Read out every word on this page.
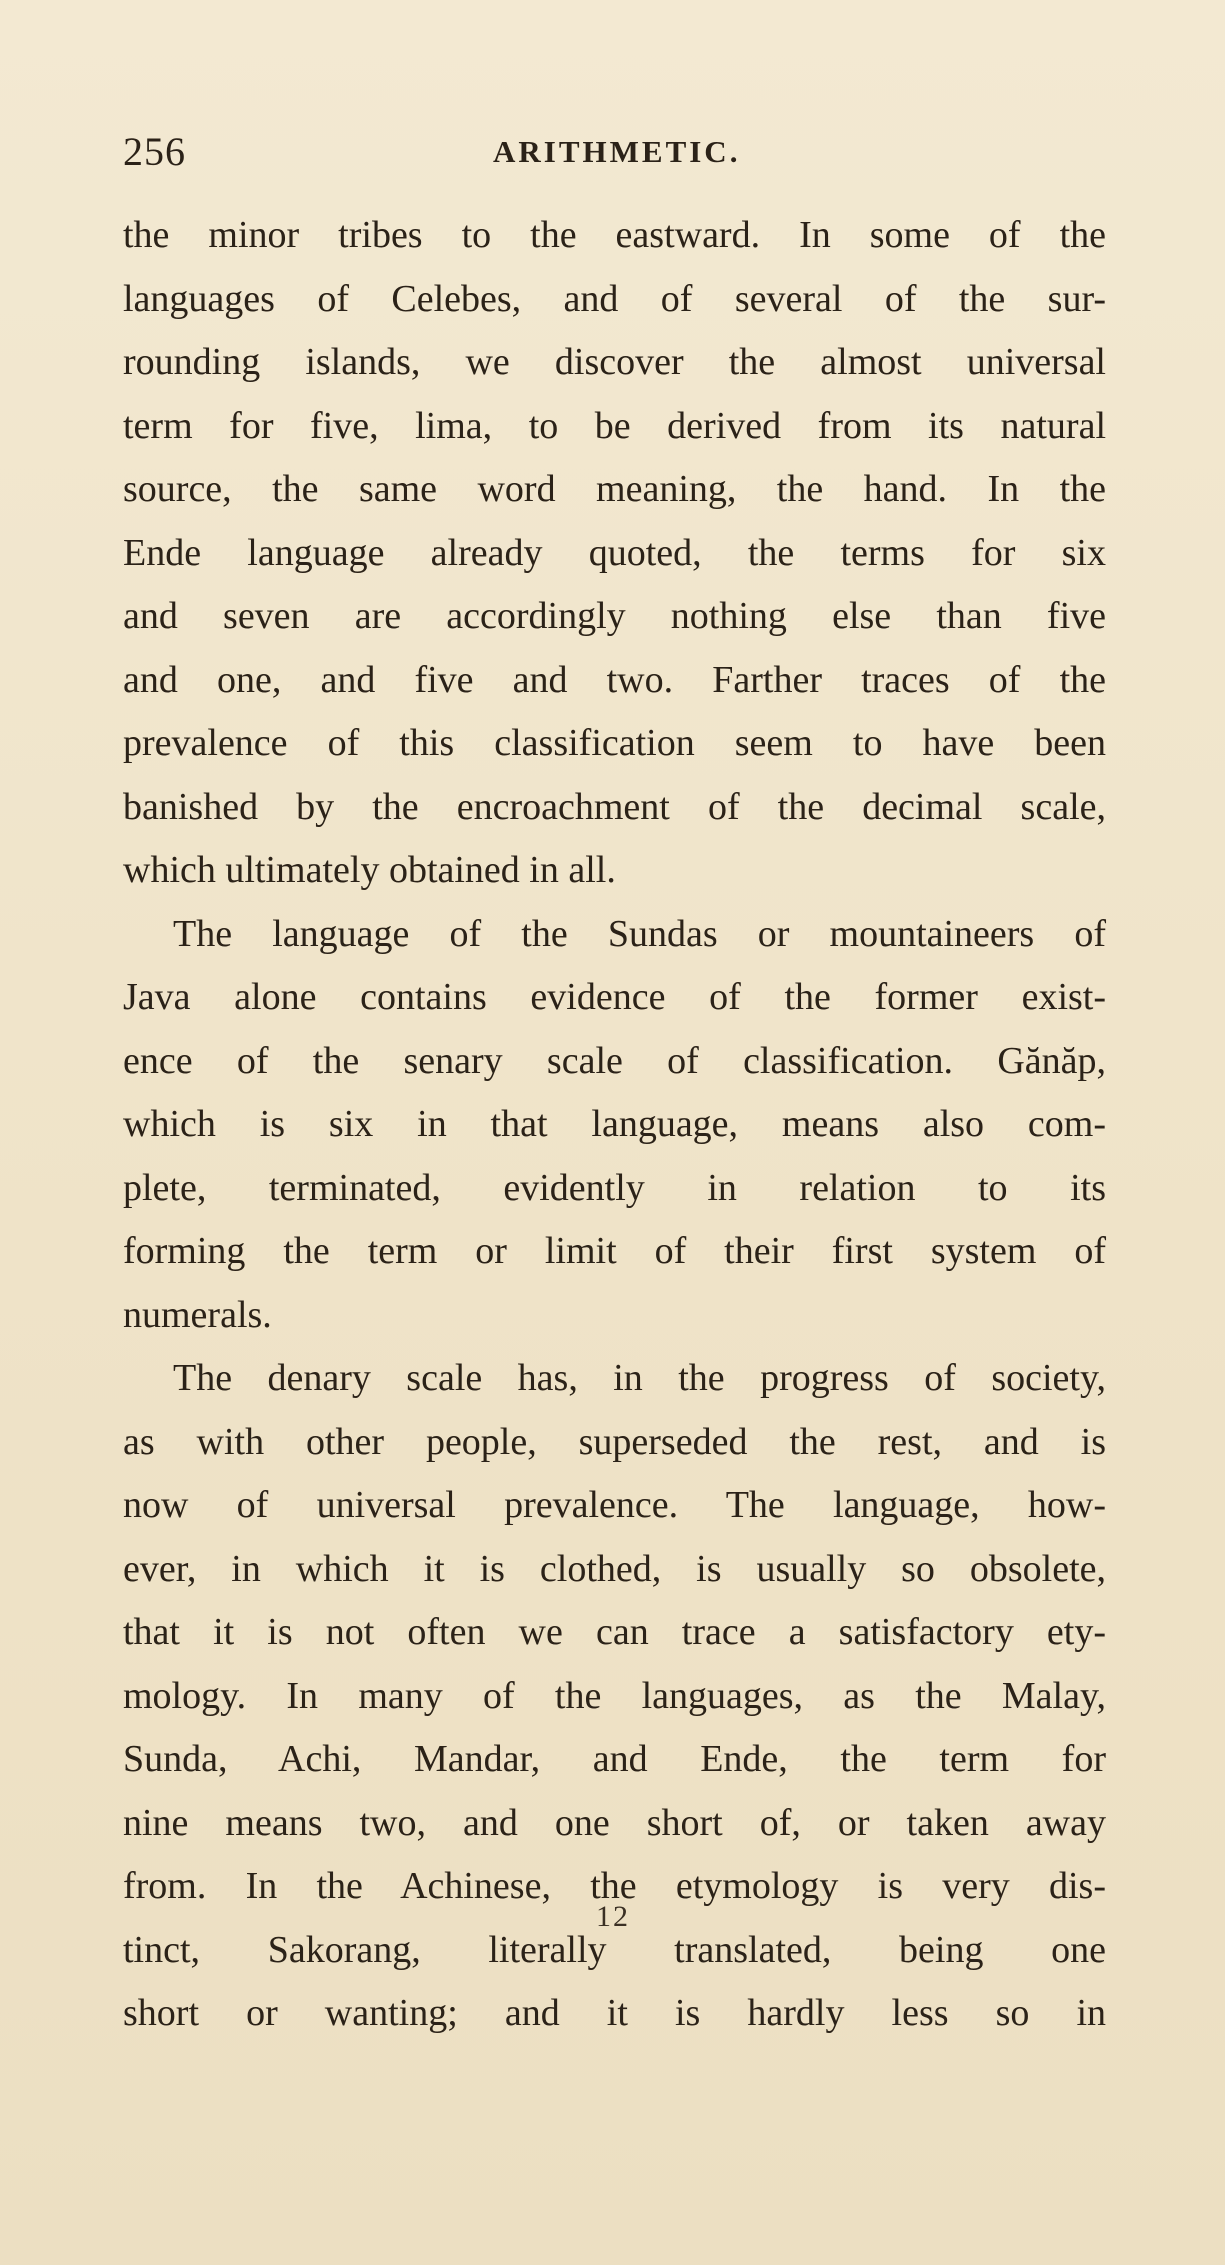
256	ARITHMETIC.
the minor tribes to the eastward. In some of the
languages of Celebes, and of several of the sur-
rounding islands, we discover the almost universal
term for five, lima, to be derived from its natural
source, the same word meaning, the hand. In the
Ende language already quoted, the terms for six
and seven are accordingly nothing else than five
and one, and five and two. Farther traces of the
prevalence of this classification seem to have been
banished by the encroachment of the decimal scale,
which ultimately obtained in all.
The language of the Sundas or mountaineers of
Java alone contains evidence of the former exist-
ence of the senary scale of classification. Gănăp,
which is six in that language, means also com-
plete, terminated, evidently in relation to its
forming the term or limit of their first system of
numerals.
The denary scale has, in the progress of society,
as with other people, superseded the rest, and is
now of universal prevalence. The language, how-
ever, in which it is clothed, is usually so obsolete,
that it is not often we can trace a satisfactory ety-
mology. In many of the languages, as the Malay,
Sunda, Achi, Mandar, and Ende, the term for
nine means two, and one short of, or taken away
from. In the Achinese, the etymology is very dis-
tinct, Sakorang, literally translated, being one
short or wanting; and it is hardly less so in
12
